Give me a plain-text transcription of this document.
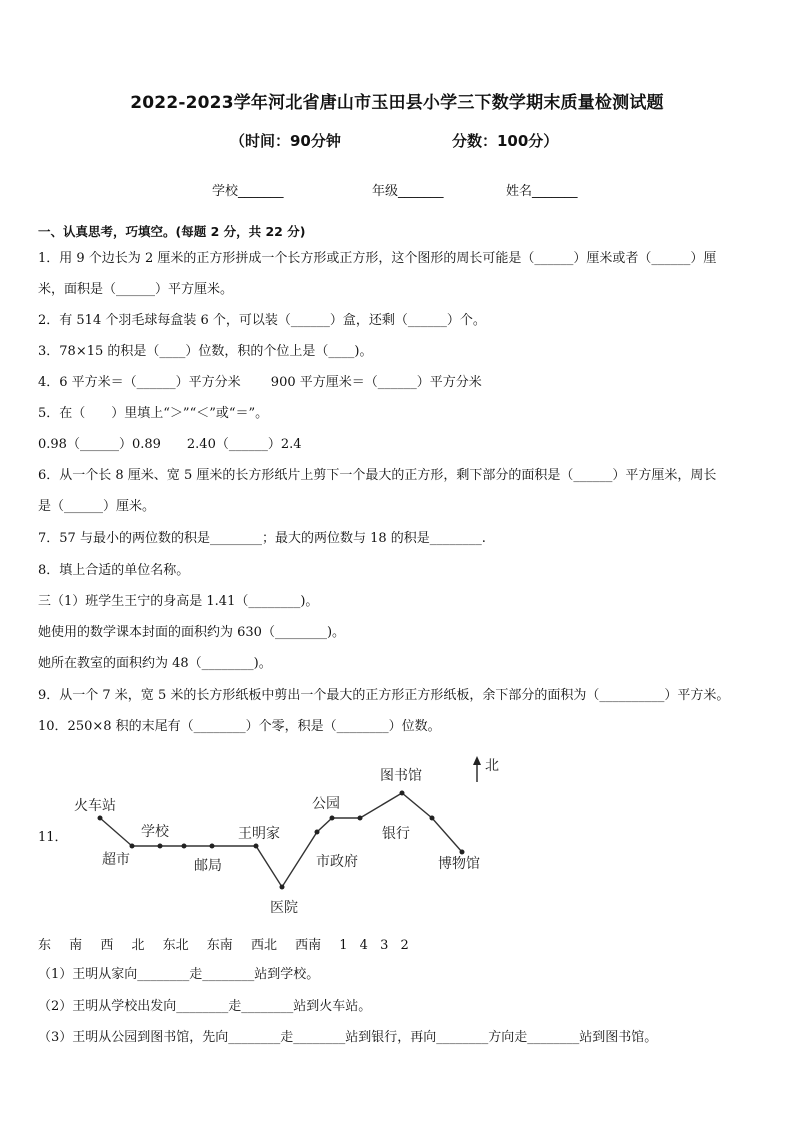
2022-2023学年河北省唐山市玉田县小学三下数学期末质量检测试题
（时间：90分钟	分数：100分）
学校_______	年级_______	姓名_______
一、认真思考，巧填空。(每题 2 分，共 22 分)
1．用 9 个边长为 2 厘米的正方形拼成一个长方形或正方形，这个图形的周长可能是（______）厘米或者（______）厘
米，面积是（______）平方厘米。
2．有 514 个羽毛球每盒装 6 个，可以装（______）盒，还剩（______）个。
3．78×15 的积是（____）位数，积的个位上是（____)。
4．6 平方米＝（______）平方分米　　 900 平方厘米＝（______）平方分米
5．在（　　）里填上“＞”“＜”或“＝”。
0.98（______）0.89　　2.40（______）2.4
6．从一个长 8 厘米、宽 5 厘米的长方形纸片上剪下一个最大的正方形，剩下部分的面积是（______）平方厘米，周长
是（______）厘米。
7．57 与最小的两位数的积是________；最大的两位数与 18 的积是________.
8．填上合适的单位名称。
三（1）班学生王宁的身高是 1.41（________)。
她使用的数学课本封面的面积约为 630（________)。
她所在教室的面积约为 48（________)。
9．从一个 7 米，宽 5 米的长方形纸板中剪出一个最大的正方形正方形纸板，余下部分的面积为（__________）平方米。
10．250×8 积的末尾有（________）个零，积是（________）位数。
11．
北
火车站
超市
学校
邮局
王明家
医院
市政府
公园
图书馆
银行
博物馆
东 南 西 北 东北 东南 西北 西南 1 4 3 2
（1）王明从家向________走________站到学校。
（2）王明从学校出发向________走________站到火车站。
（3）王明从公园到图书馆，先向________走________站到银行，再向________方向走________站到图书馆。
